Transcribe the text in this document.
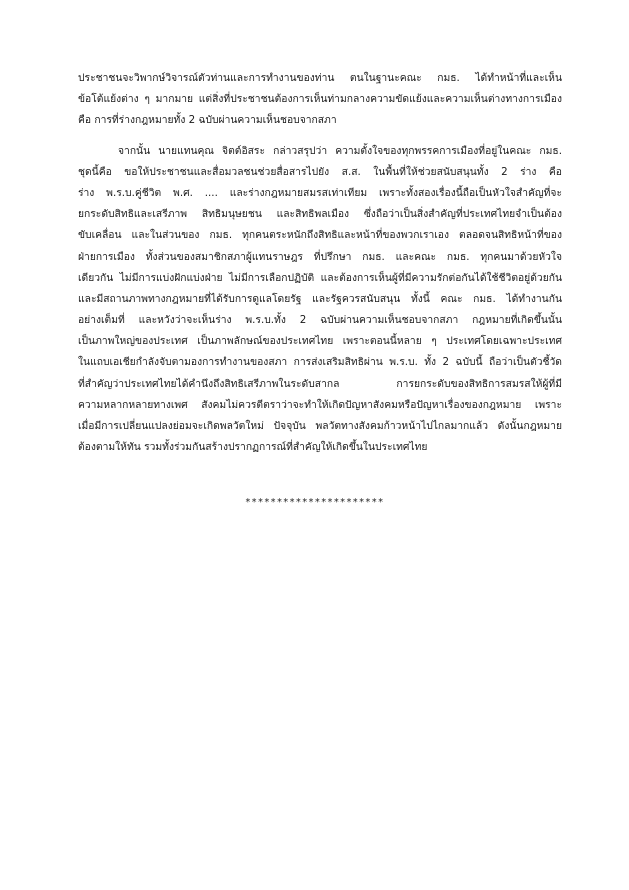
ประชาชนจะวิพากษ์วิจารณ์ตัวท่านและการทำงานของท่าน ตนในฐานะคณะ กมธ. ได้ทำหน้าที่และเห็น
ข้อโต้แย้งต่าง ๆ มากมาย แต่สิ่งที่ประชาชนต้องการเห็นท่ามกลางความขัดแย้งและความเห็นต่างทางการเมือง
คือ การที่ร่างกฎหมายทั้ง 2 ฉบับผ่านความเห็นชอบจากสภา
จากนั้น นายแทนคุณ จิตต์อิสระ กล่าวสรุปว่า ความตั้งใจของทุกพรรคการเมืองที่อยู่ในคณะ กมธ.
ชุดนี้คือ ขอให้ประชาชนและสื่อมวลชนช่วยสื่อสารไปยัง ส.ส. ในพื้นที่ให้ช่วยสนับสนุนทั้ง 2 ร่าง คือ
ร่าง พ.ร.บ.คู่ชีวิต พ.ศ. .... และร่างกฎหมายสมรสเท่าเทียม เพราะทั้งสองเรื่องนี้ถือเป็นหัวใจสำคัญที่จะ
ยกระดับสิทธิและเสรีภาพ สิทธิมนุษยชน และสิทธิพลเมือง ซึ่งถือว่าเป็นสิ่งสำคัญที่ประเทศไทยจำเป็นต้อง
ขับเคลื่อน และในส่วนของ กมธ. ทุกคนตระหนักถึงสิทธิและหน้าที่ของพวกเราเอง ตลอดจนสิทธิหน้าที่ของ
ฝ่ายการเมือง ทั้งส่วนของสมาชิกสภาผู้แทนราษฎร ที่ปรึกษา กมธ. และคณะ กมธ. ทุกคนมาด้วยหัวใจ
เดียวกัน ไม่มีการแบ่งฝักแบ่งฝ่าย ไม่มีการเลือกปฏิบัติ และต้องการเห็นผู้ที่มีความรักต่อกันได้ใช้ชีวิตอยู่ด้วยกัน
และมีสถานภาพทางกฎหมายที่ได้รับการดูแลโดยรัฐ และรัฐควรสนับสนุน ทั้งนี้ คณะ กมธ. ได้ทำงานกัน
อย่างเต็มที่ และหวังว่าจะเห็นร่าง พ.ร.บ.ทั้ง 2 ฉบับผ่านความเห็นชอบจากสภา กฎหมายที่เกิดขึ้นนั้น
เป็นภาพใหญ่ของประเทศ เป็นภาพลักษณ์ของประเทศไทย เพราะตอนนี้หลาย ๆ ประเทศโดยเฉพาะประเทศ
ในแถบเอเชียกำลังจับตามองการทำงานของสภา การส่งเสริมสิทธิผ่าน พ.ร.บ. ทั้ง 2 ฉบับนี้ ถือว่าเป็นตัวชี้วัด
ที่สำคัญว่าประเทศไทยได้คำนึงถึงสิทธิเสรีภาพในระดับสากล การยกระดับของสิทธิการสมรสให้ผู้ที่มี
ความหลากหลายทางเพศ สังคมไม่ควรตีตราว่าจะทำให้เกิดปัญหาสังคมหรือปัญหาเรื่องของกฎหมาย เพราะ
เมื่อมีการเปลี่ยนแปลงย่อมจะเกิดพลวัตใหม่ ปัจจุบัน พลวัตทางสังคมก้าวหน้าไปไกลมากแล้ว ดังนั้นกฎหมาย
ต้องตามให้ทัน รวมทั้งร่วมกันสร้างปรากฏการณ์ที่สำคัญให้เกิดขึ้นในประเทศไทย
**********************
